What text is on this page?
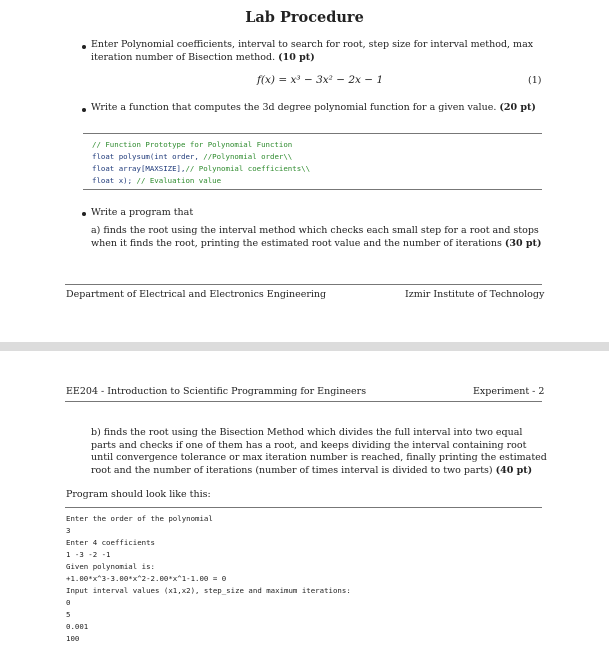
Lab Procedure
Enter Polynomial coefficients, interval to search for root, step size for interval method, max iteration number of Bisection method. (10 pt)
f(x) = x³ − 3x² − 2x − 1	(1)
Write a function that computes the 3d degree polynomial function for a given value. (20 pt)
// Function Prototype for Polynomial Function
float polysum(int order, //Polynomial order\\
float array[MAXSIZE],// Polynomial coefficients\\
float x); // Evaluation value
Write a program that
a) finds the root using the interval method which checks each small step for a root and stops when it finds the root, printing the estimated root value and the number of iterations (30 pt)
Department of Electrical and Electronics Engineering	Izmir Institute of Technology
EE204 - Introduction to Scientific Programming for Engineers	Experiment - 2
b) finds the root using the Bisection Method which divides the full interval into two equal parts and checks if one of them has a root, and keeps dividing the interval containing root until convergence tolerance or max iteration number is reached, finally printing the estimated root and the number of iterations (number of times interval is divided to two parts) (40 pt)
Program should look like this:
Enter the order of the polynomial
3
Enter 4 coefficients
1 -3 -2 -1
Given polynomial is:
+1.00*x^3-3.00*x^2-2.00*x^1-1.00 = 0
Input interval values (x1,x2), step_size and maximum iterations:
0
5
0.001
100
